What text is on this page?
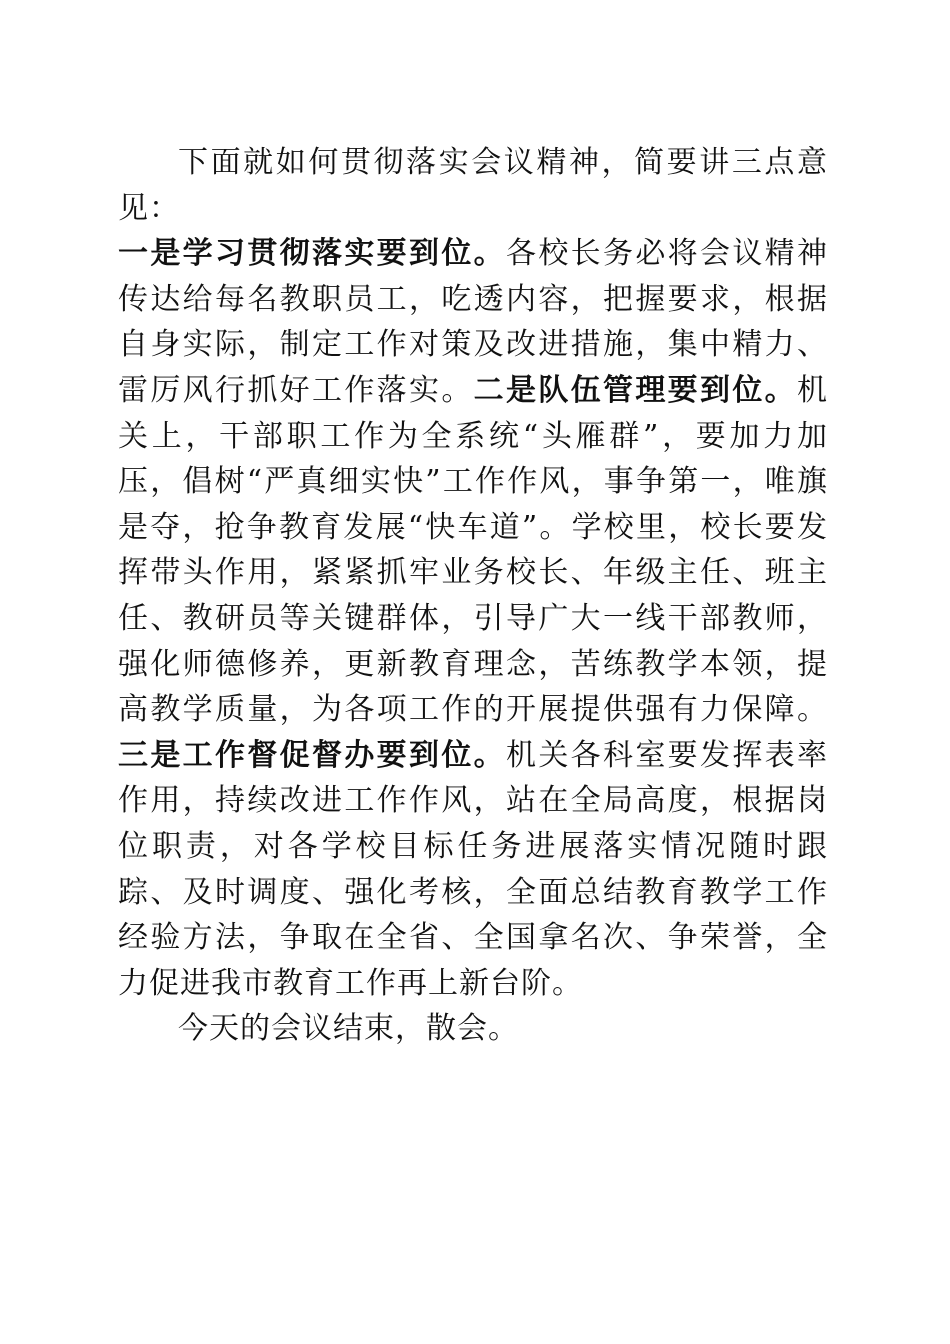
下面就如何贯彻落实会议精神，简要讲三点意见：

一是学习贯彻落实要到位。各校长务必将会议精神传达给每名教职员工，吃透内容，把握要求，根据自身实际，制定工作对策及改进措施，集中精力、雷厉风行抓好工作落实。二是队伍管理要到位。机关上，干部职工作为全系统“头雁群”，要加力加压，倡树“严真细实快”工作作风，事争第一，唯旗是夺，抢争教育发展“快车道”。学校里，校长要发挥带头作用，紧紧抓牢业务校长、年级主任、班主任、教研员等关键群体，引导广大一线干部教师，强化师德修养，更新教育理念，苦练教学本领，提高教学质量，为各项工作的开展提供强有力保障。三是工作督促督办要到位。机关各科室要发挥表率作用，持续改进工作作风，站在全局高度，根据岗位职责，对各学校目标任务进展落实情况随时跟踪、及时调度、强化考核，全面总结教育教学工作经验方法，争取在全省、全国拿名次、争荣誉，全力促进我市教育工作再上新台阶。

今天的会议结束，散会。
